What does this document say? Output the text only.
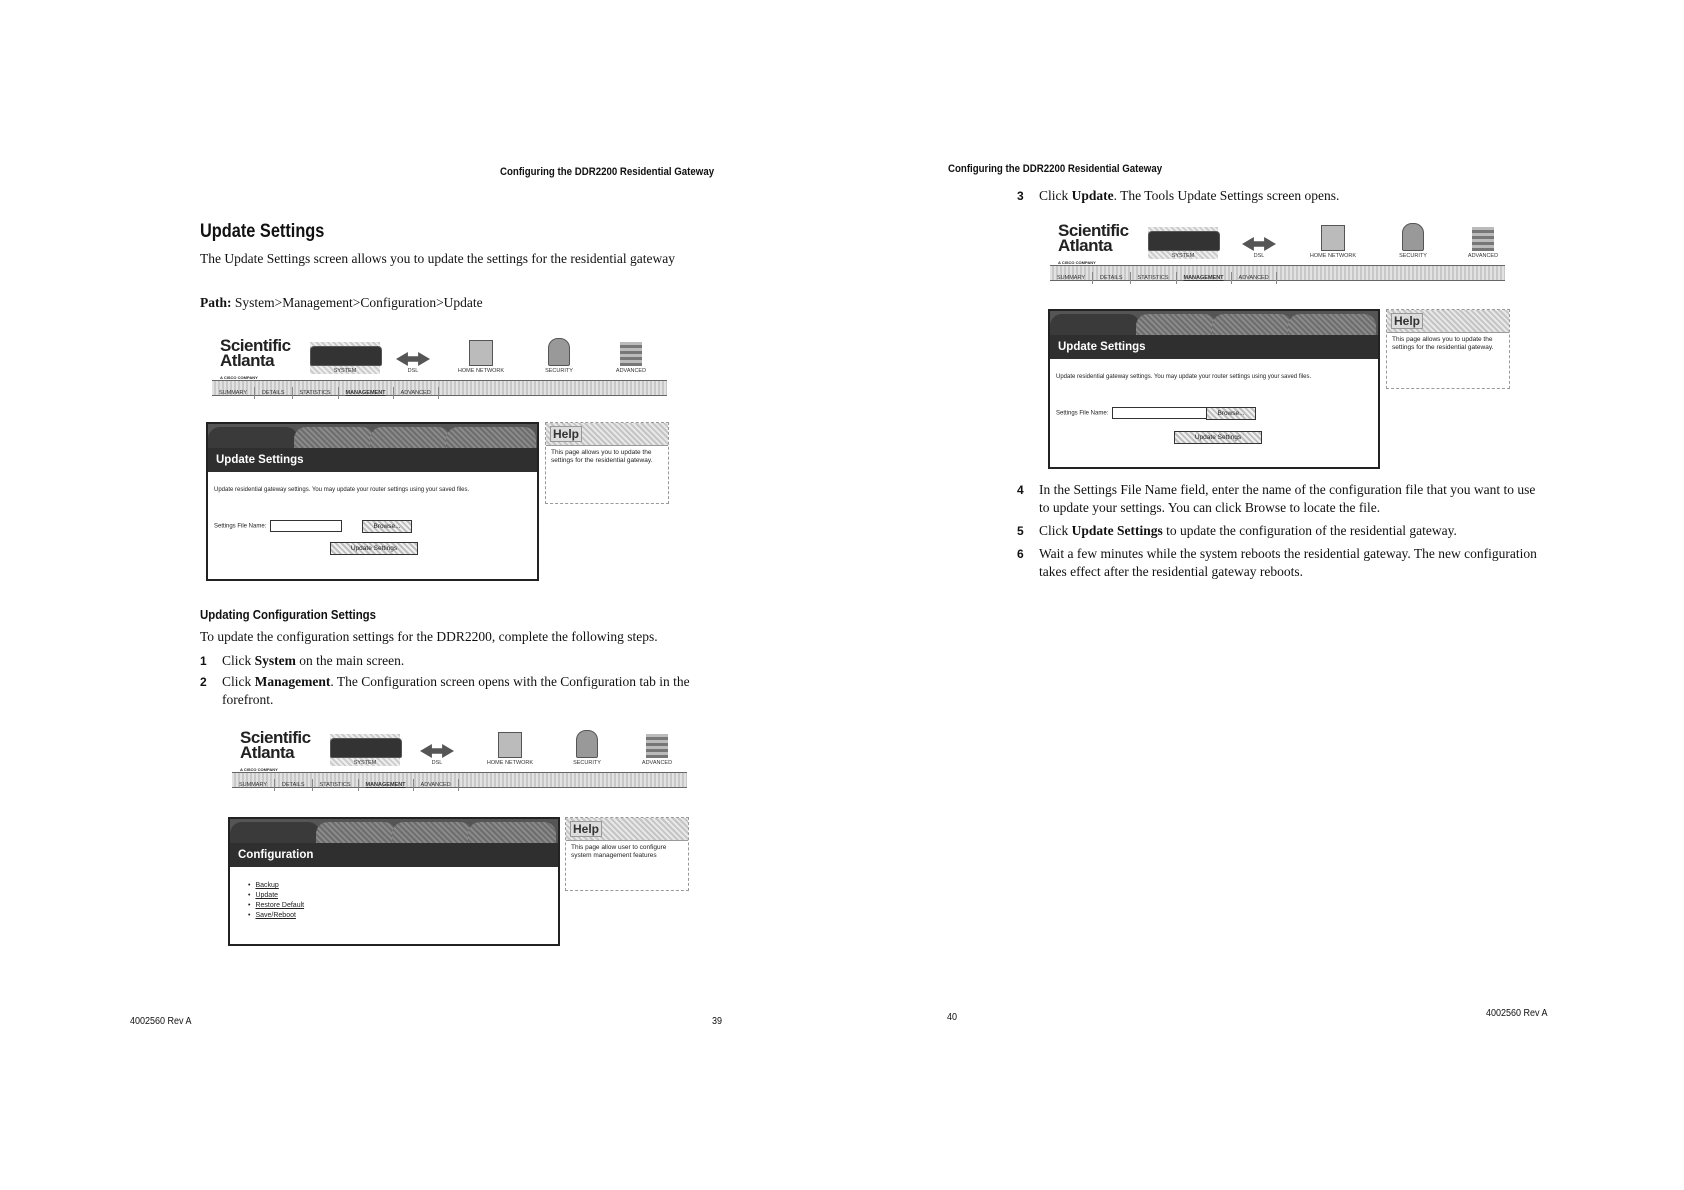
Configuring the DDR2200 Residential Gateway
Update Settings
The Update Settings screen allows you to update the settings for the residential gateway
Path: System>Management>Configuration>Update
Scientific
Atlanta
A CISCO COMPANY
SYSTEM	DSL	HOME NETWORK	SECURITY	ADVANCED
SUMMARY	DETAILS	STATISTICS	MANAGEMENT	ADVANCED
Update Settings
Update residential gateway settings. You may update your router settings using your saved files.
Settings File Name:	Browse...
Update Settings
Help
This page allows you to update the settings for the residential gateway.
Updating Configuration Settings
To update the configuration settings for the DDR2200, complete the following steps.
1 Click System on the main screen.
2 Click Management. The Configuration screen opens with the Configuration tab in the forefront.
Scientific
Atlanta
A CISCO COMPANY
SYSTEM	DSL	HOME NETWORK	SECURITY	ADVANCED
SUMMARY	DETAILS	STATISTICS	MANAGEMENT	ADVANCED
Configuration
• Backup
• Update
• Restore Default
• Save/Reboot
Help
This page allow user to configure system management features
4002560 Rev A	39
Configuring the DDR2200 Residential Gateway
3 Click Update. The Tools Update Settings screen opens.
Scientific
Atlanta
A CISCO COMPANY
SYSTEM	DSL	HOME NETWORK	SECURITY	ADVANCED
SUMMARY	DETAILS	STATISTICS	MANAGEMENT	ADVANCED
Update Settings
Update residential gateway settings. You may update your router settings using your saved files.
Settings File Name:	Browse...
Update Settings
Help
This page allows you to update the settings for the residential gateway.
4 In the Settings File Name field, enter the name of the configuration file that you want to use to update your settings. You can click Browse to locate the file.
5 Click Update Settings to update the configuration of the residential gateway.
6 Wait a few minutes while the system reboots the residential gateway. The new configuration takes effect after the residential gateway reboots.
40	4002560 Rev A
